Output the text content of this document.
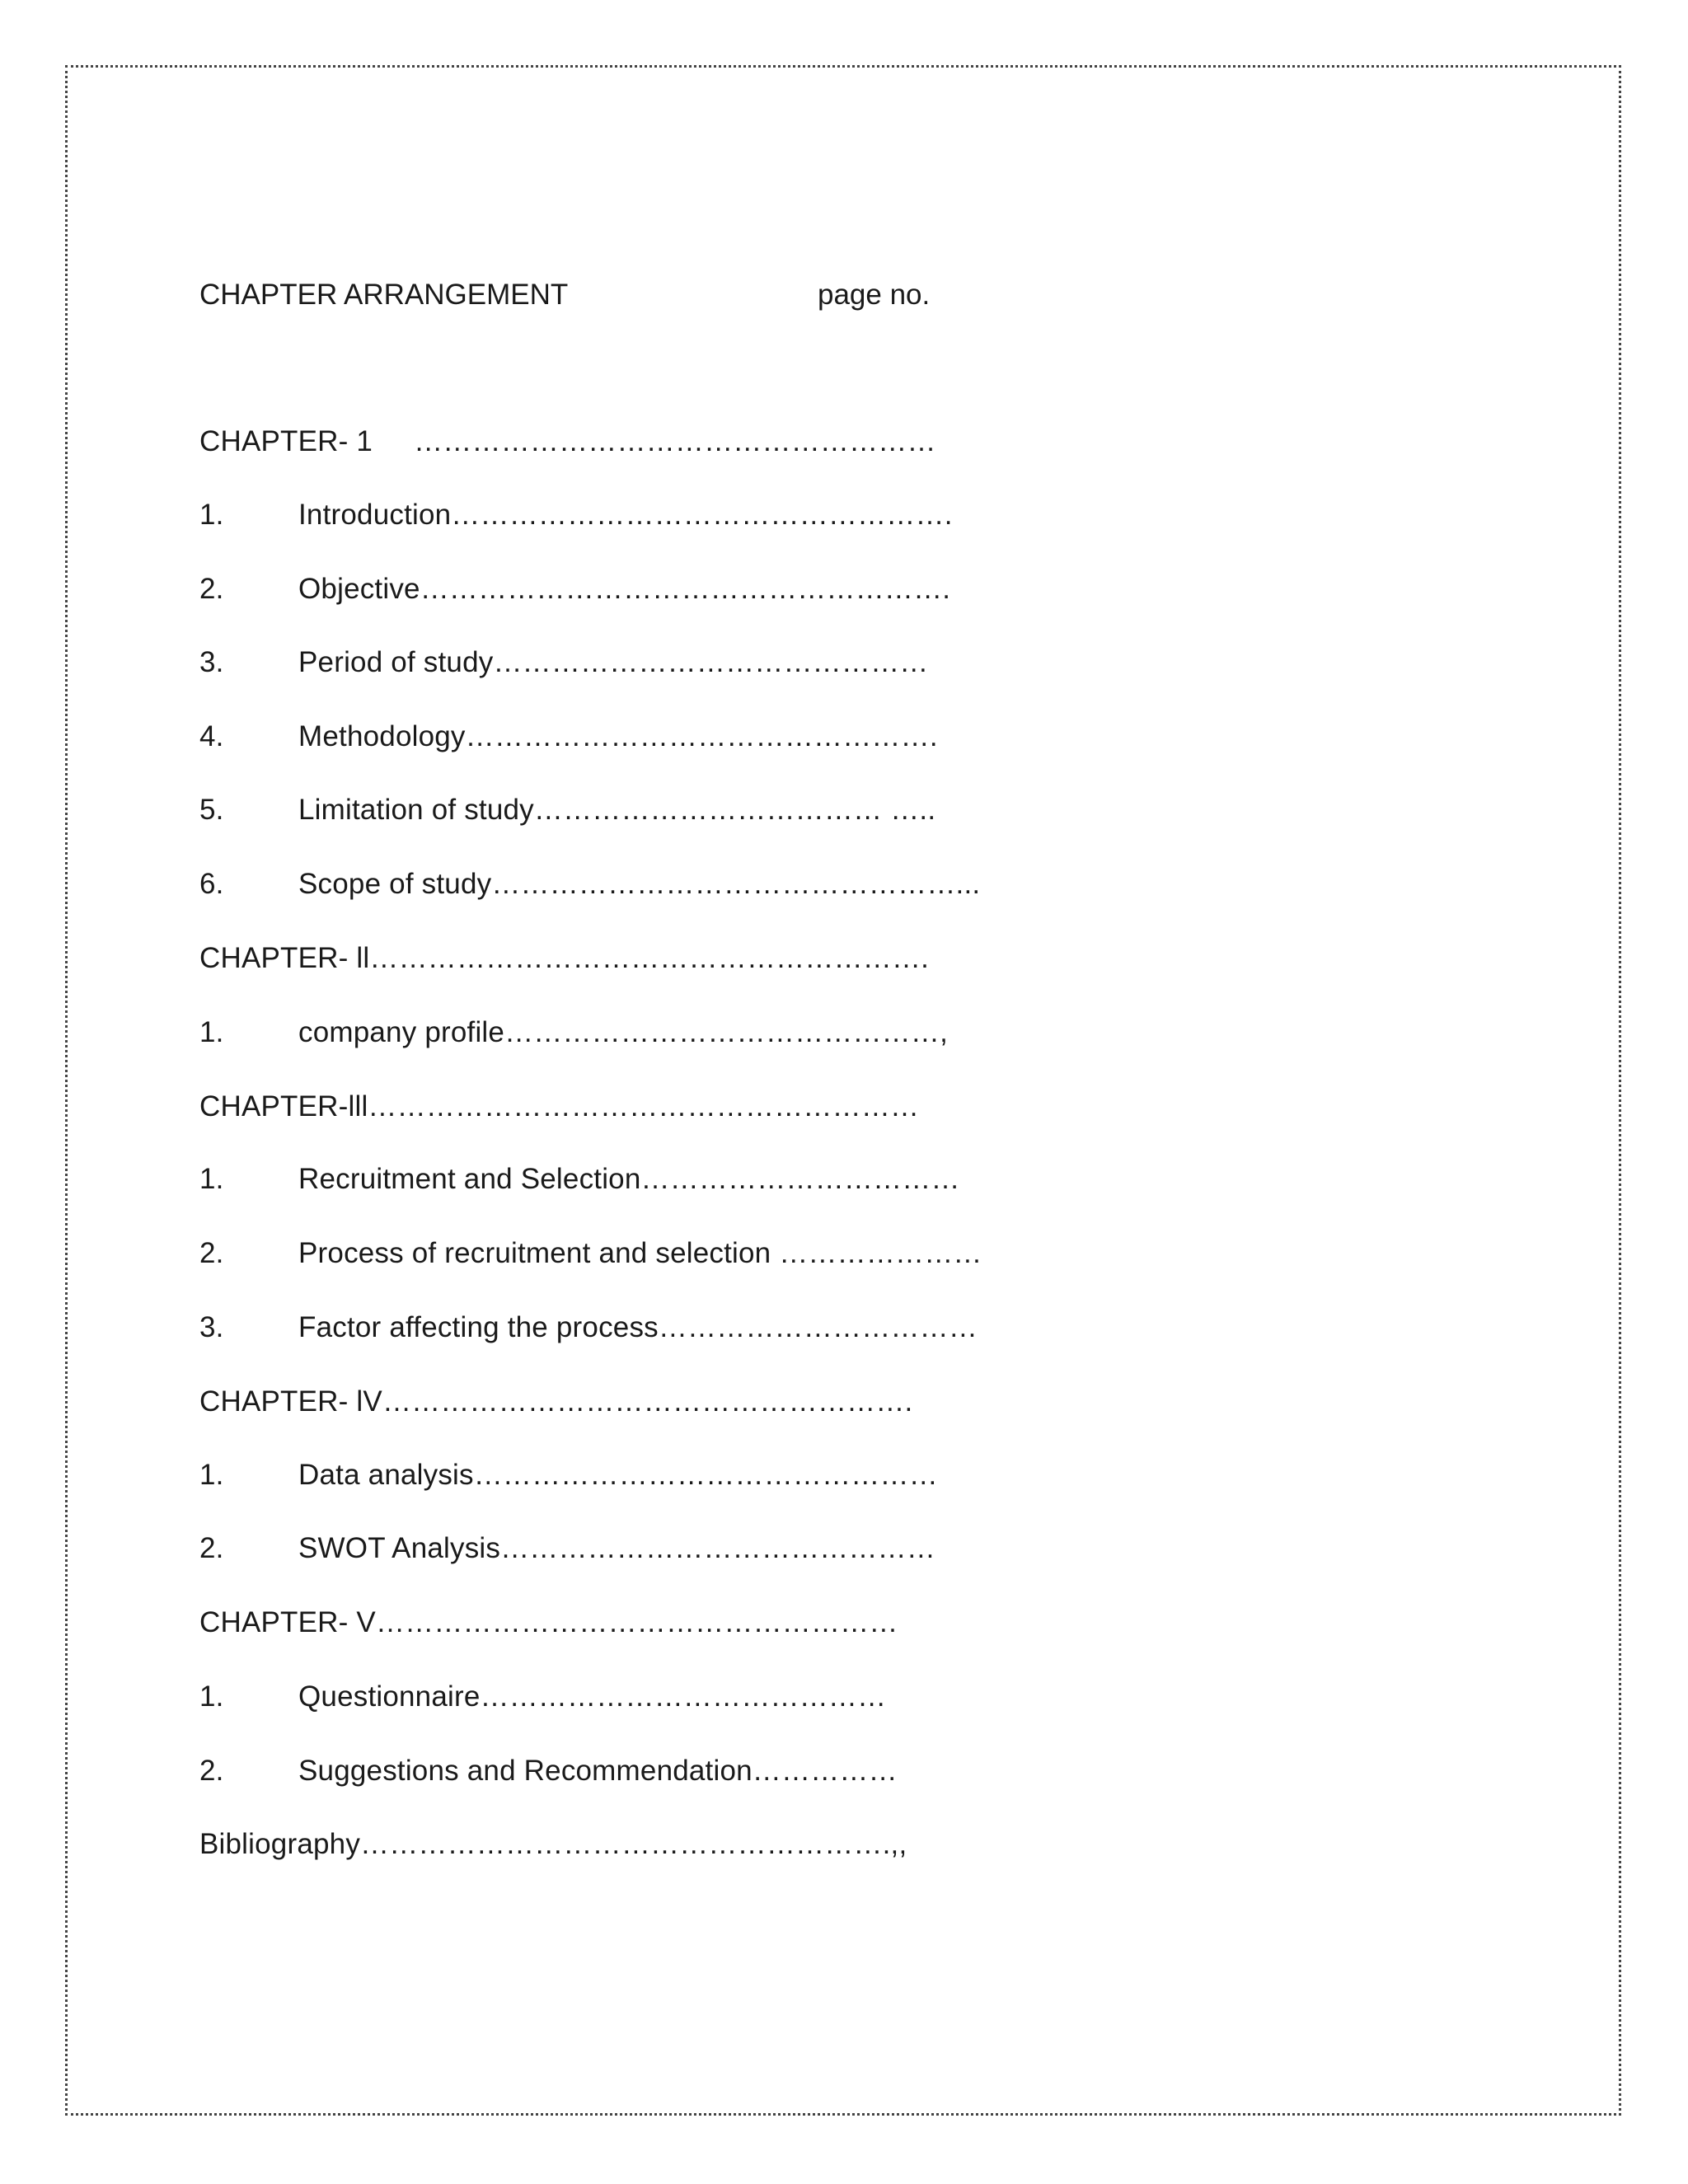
CHAPTER ARRANGEMENT	page no.
CHAPTER- 1 ………………………………………………
1.	Introduction…………………………………………….
2.	Objective……………………………………………….
3.	Period of study………………………………………
4.	Methodology………………………………………….
5.	Limitation of study……………………………… …..
6.	Scope of study…………………………………………...
CHAPTER- ll………………………………………………….
1.	company profile………………………………………,
CHAPTER-lll…………………………………………………
1.	Recruitment and Selection……………………………
2.	Process of recruitment and selection …………………
3.	Factor affecting the process……………………………
CHAPTER- lV……………………………………………….
1.	Data analysis…………………………………………
2.	SWOT Analysis………………………………………
CHAPTER- V………………………………………………
1.	Questionnaire……………………………………
2.	Suggestions and Recommendation……………
Bibliography……………………………………………….,,
